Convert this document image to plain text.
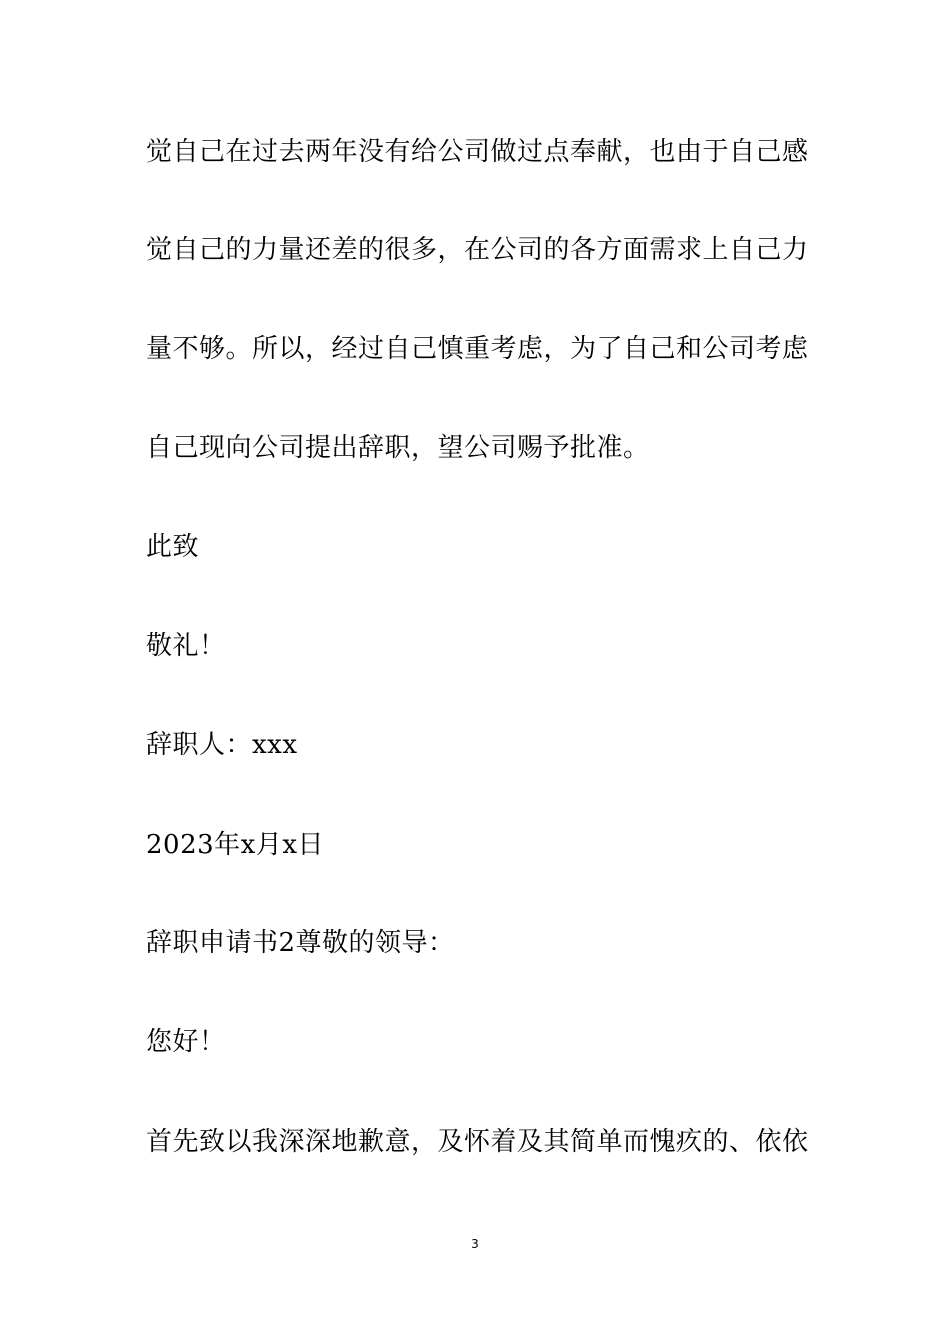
觉自己在过去两年没有给公司做过点奉献，也由于自己感
觉自己的力量还差的很多，在公司的各方面需求上自己力
量不够。所以，经过自己慎重考虑，为了自己和公司考虑
自己现向公司提出辞职，望公司赐予批准。
此致
敬礼！
辞职人：xxx
2023年x月x日
辞职申请书2尊敬的领导：
您好！
首先致以我深深地歉意，及怀着及其简单而愧疚的、依依
3
